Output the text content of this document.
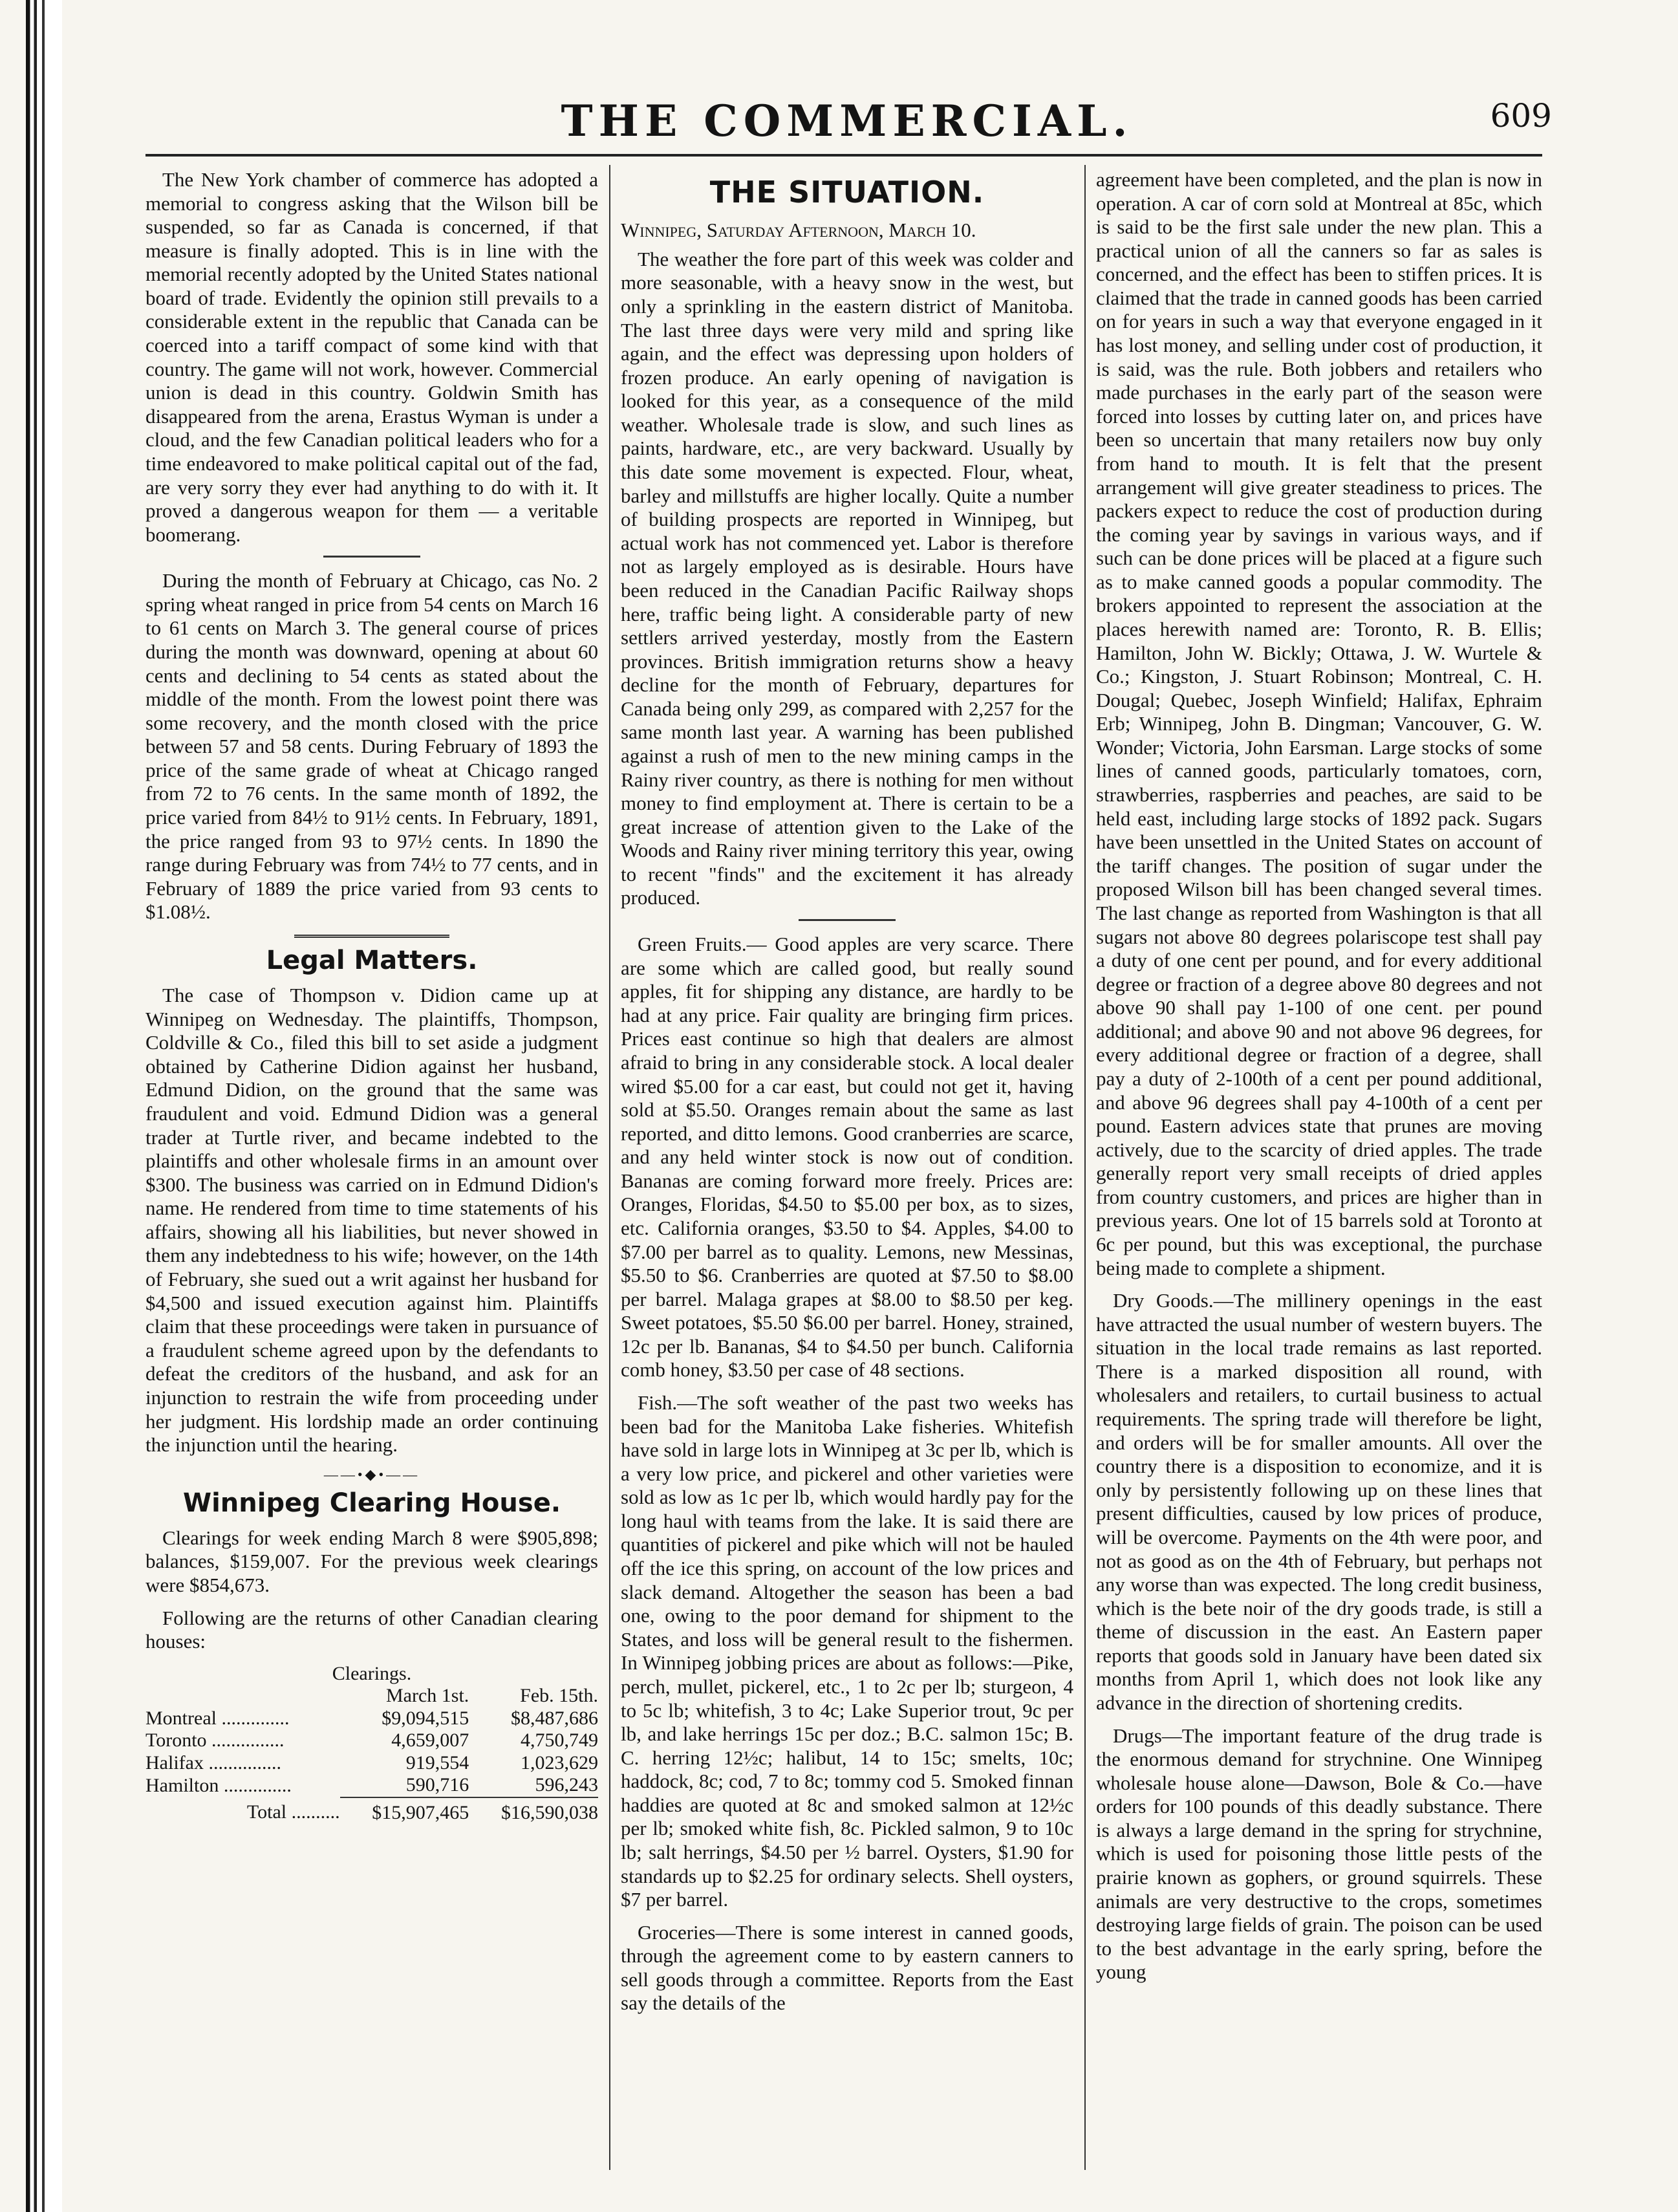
THE COMMERCIAL.	609

The New York chamber of commerce has adopted a memorial to congress asking that the Wilson bill be suspended, so far as Canada is concerned, if that measure is finally adopted. This is in line with the memorial recently adopted by the United States national board of trade. Evidently the opinion still prevails to a considerable extent in the republic that Canada can be coerced into a tariff compact of some kind with that country. The game will not work, however. Commercial union is dead in this country. Goldwin Smith has disappeared from the arena, Erastus Wyman is under a cloud, and the few Canadian political leaders who for a time endeavored to make political capital out of the fad, are very sorry they ever had anything to do with it. It proved a dangerous weapon for them — a veritable boomerang.

During the month of February at Chicago, cas No. 2 spring wheat ranged in price from 54 cents on March 16 to 61 cents on March 3. The general course of prices during the month was downward, opening at about 60 cents and declining to 54 cents as stated about the middle of the month. From the lowest point there was some recovery, and the month closed with the price between 57 and 58 cents. During February of 1893 the price of the same grade of wheat at Chicago ranged from 72 to 76 cents. In the same month of 1892, the price varied from 84½ to 91½ cents. In February, 1891, the price ranged from 93 to 97½ cents. In 1890 the range during February was from 74½ to 77 cents, and in February of 1889 the price varied from 93 cents to $1.08½.

Legal Matters.

The case of Thompson v. Didion came up at Winnipeg on Wednesday. The plaintiffs, Thompson, Coldville & Co., filed this bill to set aside a judgment obtained by Catherine Didion against her husband, Edmund Didion, on the ground that the same was fraudulent and void. Edmund Didion was a general trader at Turtle river, and became indebted to the plaintiffs and other wholesale firms in an amount over $300. The business was carried on in Edmund Didion's name. He rendered from time to time statements of his affairs, showing all his liabilities, but never showed in them any indebtedness to his wife; however, on the 14th of February, she sued out a writ against her husband for $4,500 and issued execution against him. Plaintiffs claim that these proceedings were taken in pursuance of a fraudulent scheme agreed upon by the defendants to defeat the creditors of the husband, and ask for an injunction to restrain the wife from proceeding under her judgment. His lordship made an order continuing the injunction until the hearing.

——•◆•——
Winnipeg Clearing House.

Clearings for week ending March 8 were $905,898; balances, $159,007. For the previous week clearings were $854,673.

Following are the returns of other Canadian clearing houses:

Clearings.		
	March 1st.	Feb. 15th.
Montreal ..............	$9,094,515	$8,487,686
Toronto ...............	4,659,007	4,750,749
Halifax ...............	919,554	1,023,629
Hamilton ..............	590,716	596,243
Total ..........	$15,907,465	$16,590,038
THE SITUATION.
Winnipeg, Saturday Afternoon, March 10.

The weather the fore part of this week was colder and more seasonable, with a heavy snow in the west, but only a sprinkling in the eastern district of Manitoba. The last three days were very mild and spring like again, and the effect was depressing upon holders of frozen produce. An early opening of navigation is looked for this year, as a consequence of the mild weather. Wholesale trade is slow, and such lines as paints, hardware, etc., are very backward. Usually by this date some movement is expected. Flour, wheat, barley and millstuffs are higher locally. Quite a number of building prospects are reported in Winnipeg, but actual work has not commenced yet. Labor is therefore not as largely employed as is desirable. Hours have been reduced in the Canadian Pacific Railway shops here, traffic being light. A considerable party of new settlers arrived yesterday, mostly from the Eastern provinces. British immigration returns show a heavy decline for the month of February, departures for Canada being only 299, as compared with 2,257 for the same month last year. A warning has been published against a rush of men to the new mining camps in the Rainy river country, as there is nothing for men without money to find employment at. There is certain to be a great increase of attention given to the Lake of the Woods and Rainy river mining territory this year, owing to recent "finds" and the excitement it has already produced.

Green Fruits.— Good apples are very scarce. There are some which are called good, but really sound apples, fit for shipping any distance, are hardly to be had at any price. Fair quality are bringing firm prices. Prices east continue so high that dealers are almost afraid to bring in any considerable stock. A local dealer wired $5.00 for a car east, but could not get it, having sold at $5.50. Oranges remain about the same as last reported, and ditto lemons. Good cranberries are scarce, and any held winter stock is now out of condition. Bananas are coming forward more freely. Prices are: Oranges, Floridas, $4.50 to $5.00 per box, as to sizes, etc. California oranges, $3.50 to $4. Apples, $4.00 to $7.00 per barrel as to quality. Lemons, new Messinas, $5.50 to $6. Cranberries are quoted at $7.50 to $8.00 per barrel. Malaga grapes at $8.00 to $8.50 per keg. Sweet potatoes, $5.50 $6.00 per barrel. Honey, strained, 12c per lb. Bananas, $4 to $4.50 per bunch. California comb honey, $3.50 per case of 48 sections.

Fish.—The soft weather of the past two weeks has been bad for the Manitoba Lake fisheries. Whitefish have sold in large lots in Winnipeg at 3c per lb, which is a very low price, and pickerel and other varieties were sold as low as 1c per lb, which would hardly pay for the long haul with teams from the lake. It is said there are quantities of pickerel and pike which will not be hauled off the ice this spring, on account of the low prices and slack demand. Altogether the season has been a bad one, owing to the poor demand for shipment to the States, and loss will be general result to the fishermen. In Winnipeg jobbing prices are about as follows:—Pike, perch, mullet, pickerel, etc., 1 to 2c per lb; sturgeon, 4 to 5c lb; whitefish, 3 to 4c; Lake Superior trout, 9c per lb, and lake herrings 15c per doz.; B.C. salmon 15c; B. C. herring 12½c; halibut, 14 to 15c; smelts, 10c; haddock, 8c; cod, 7 to 8c; tommy cod 5. Smoked finnan haddies are quoted at 8c and smoked salmon at 12½c per lb; smoked white fish, 8c. Pickled salmon, 9 to 10c lb; salt herrings, $4.50 per ½ barrel. Oysters, $1.90 for standards up to $2.25 for ordinary selects. Shell oysters, $7 per barrel.

Groceries—There is some interest in canned goods, through the agreement come to by eastern canners to sell goods through a committee. Reports from the East say the details of the

agreement have been completed, and the plan is now in operation. A car of corn sold at Montreal at 85c, which is said to be the first sale under the new plan. This a practical union of all the canners so far as sales is concerned, and the effect has been to stiffen prices. It is claimed that the trade in canned goods has been carried on for years in such a way that everyone engaged in it has lost money, and selling under cost of production, it is said, was the rule. Both jobbers and retailers who made purchases in the early part of the season were forced into losses by cutting later on, and prices have been so uncertain that many retailers now buy only from hand to mouth. It is felt that the present arrangement will give greater steadiness to prices. The packers expect to reduce the cost of production during the coming year by savings in various ways, and if such can be done prices will be placed at a figure such as to make canned goods a popular commodity. The brokers appointed to represent the association at the places herewith named are: Toronto, R. B. Ellis; Hamilton, John W. Bickly; Ottawa, J. W. Wurtele & Co.; Kingston, J. Stuart Robinson; Montreal, C. H. Dougal; Quebec, Joseph Winfield; Halifax, Ephraim Erb; Winnipeg, John B. Dingman; Vancouver, G. W. Wonder; Victoria, John Earsman. Large stocks of some lines of canned goods, particularly tomatoes, corn, strawberries, raspberries and peaches, are said to be held east, including large stocks of 1892 pack. Sugars have been unsettled in the United States on account of the tariff changes. The position of sugar under the proposed Wilson bill has been changed several times. The last change as reported from Washington is that all sugars not above 80 degrees polariscope test shall pay a duty of one cent per pound, and for every additional degree or fraction of a degree above 80 degrees and not above 90 shall pay 1-100 of one cent. per pound additional; and above 90 and not above 96 degrees, for every additional degree or fraction of a degree, shall pay a duty of 2-100th of a cent per pound additional, and above 96 degrees shall pay 4-100th of a cent per pound. Eastern advices state that prunes are moving actively, due to the scarcity of dried apples. The trade generally report very small receipts of dried apples from country customers, and prices are higher than in previous years. One lot of 15 barrels sold at Toronto at 6c per pound, but this was exceptional, the purchase being made to complete a shipment.

Dry Goods.—The millinery openings in the east have attracted the usual number of western buyers. The situation in the local trade remains as last reported. There is a marked disposition all round, with wholesalers and retailers, to curtail business to actual requirements. The spring trade will therefore be light, and orders will be for smaller amounts. All over the country there is a disposition to economize, and it is only by persistently following up on these lines that present difficulties, caused by low prices of produce, will be overcome. Payments on the 4th were poor, and not as good as on the 4th of February, but perhaps not any worse than was expected. The long credit business, which is the bete noir of the dry goods trade, is still a theme of discussion in the east. An Eastern paper reports that goods sold in January have been dated six months from April 1, which does not look like any advance in the direction of shortening credits.

Drugs—The important feature of the drug trade is the enormous demand for strychnine. One Winnipeg wholesale house alone—Dawson, Bole & Co.—have orders for 100 pounds of this deadly substance. There is always a large demand in the spring for strychnine, which is used for poisoning those little pests of the prairie known as gophers, or ground squirrels. These animals are very destructive to the crops, sometimes destroying large fields of grain. The poison can be used to the best advantage in the early spring, before the young
